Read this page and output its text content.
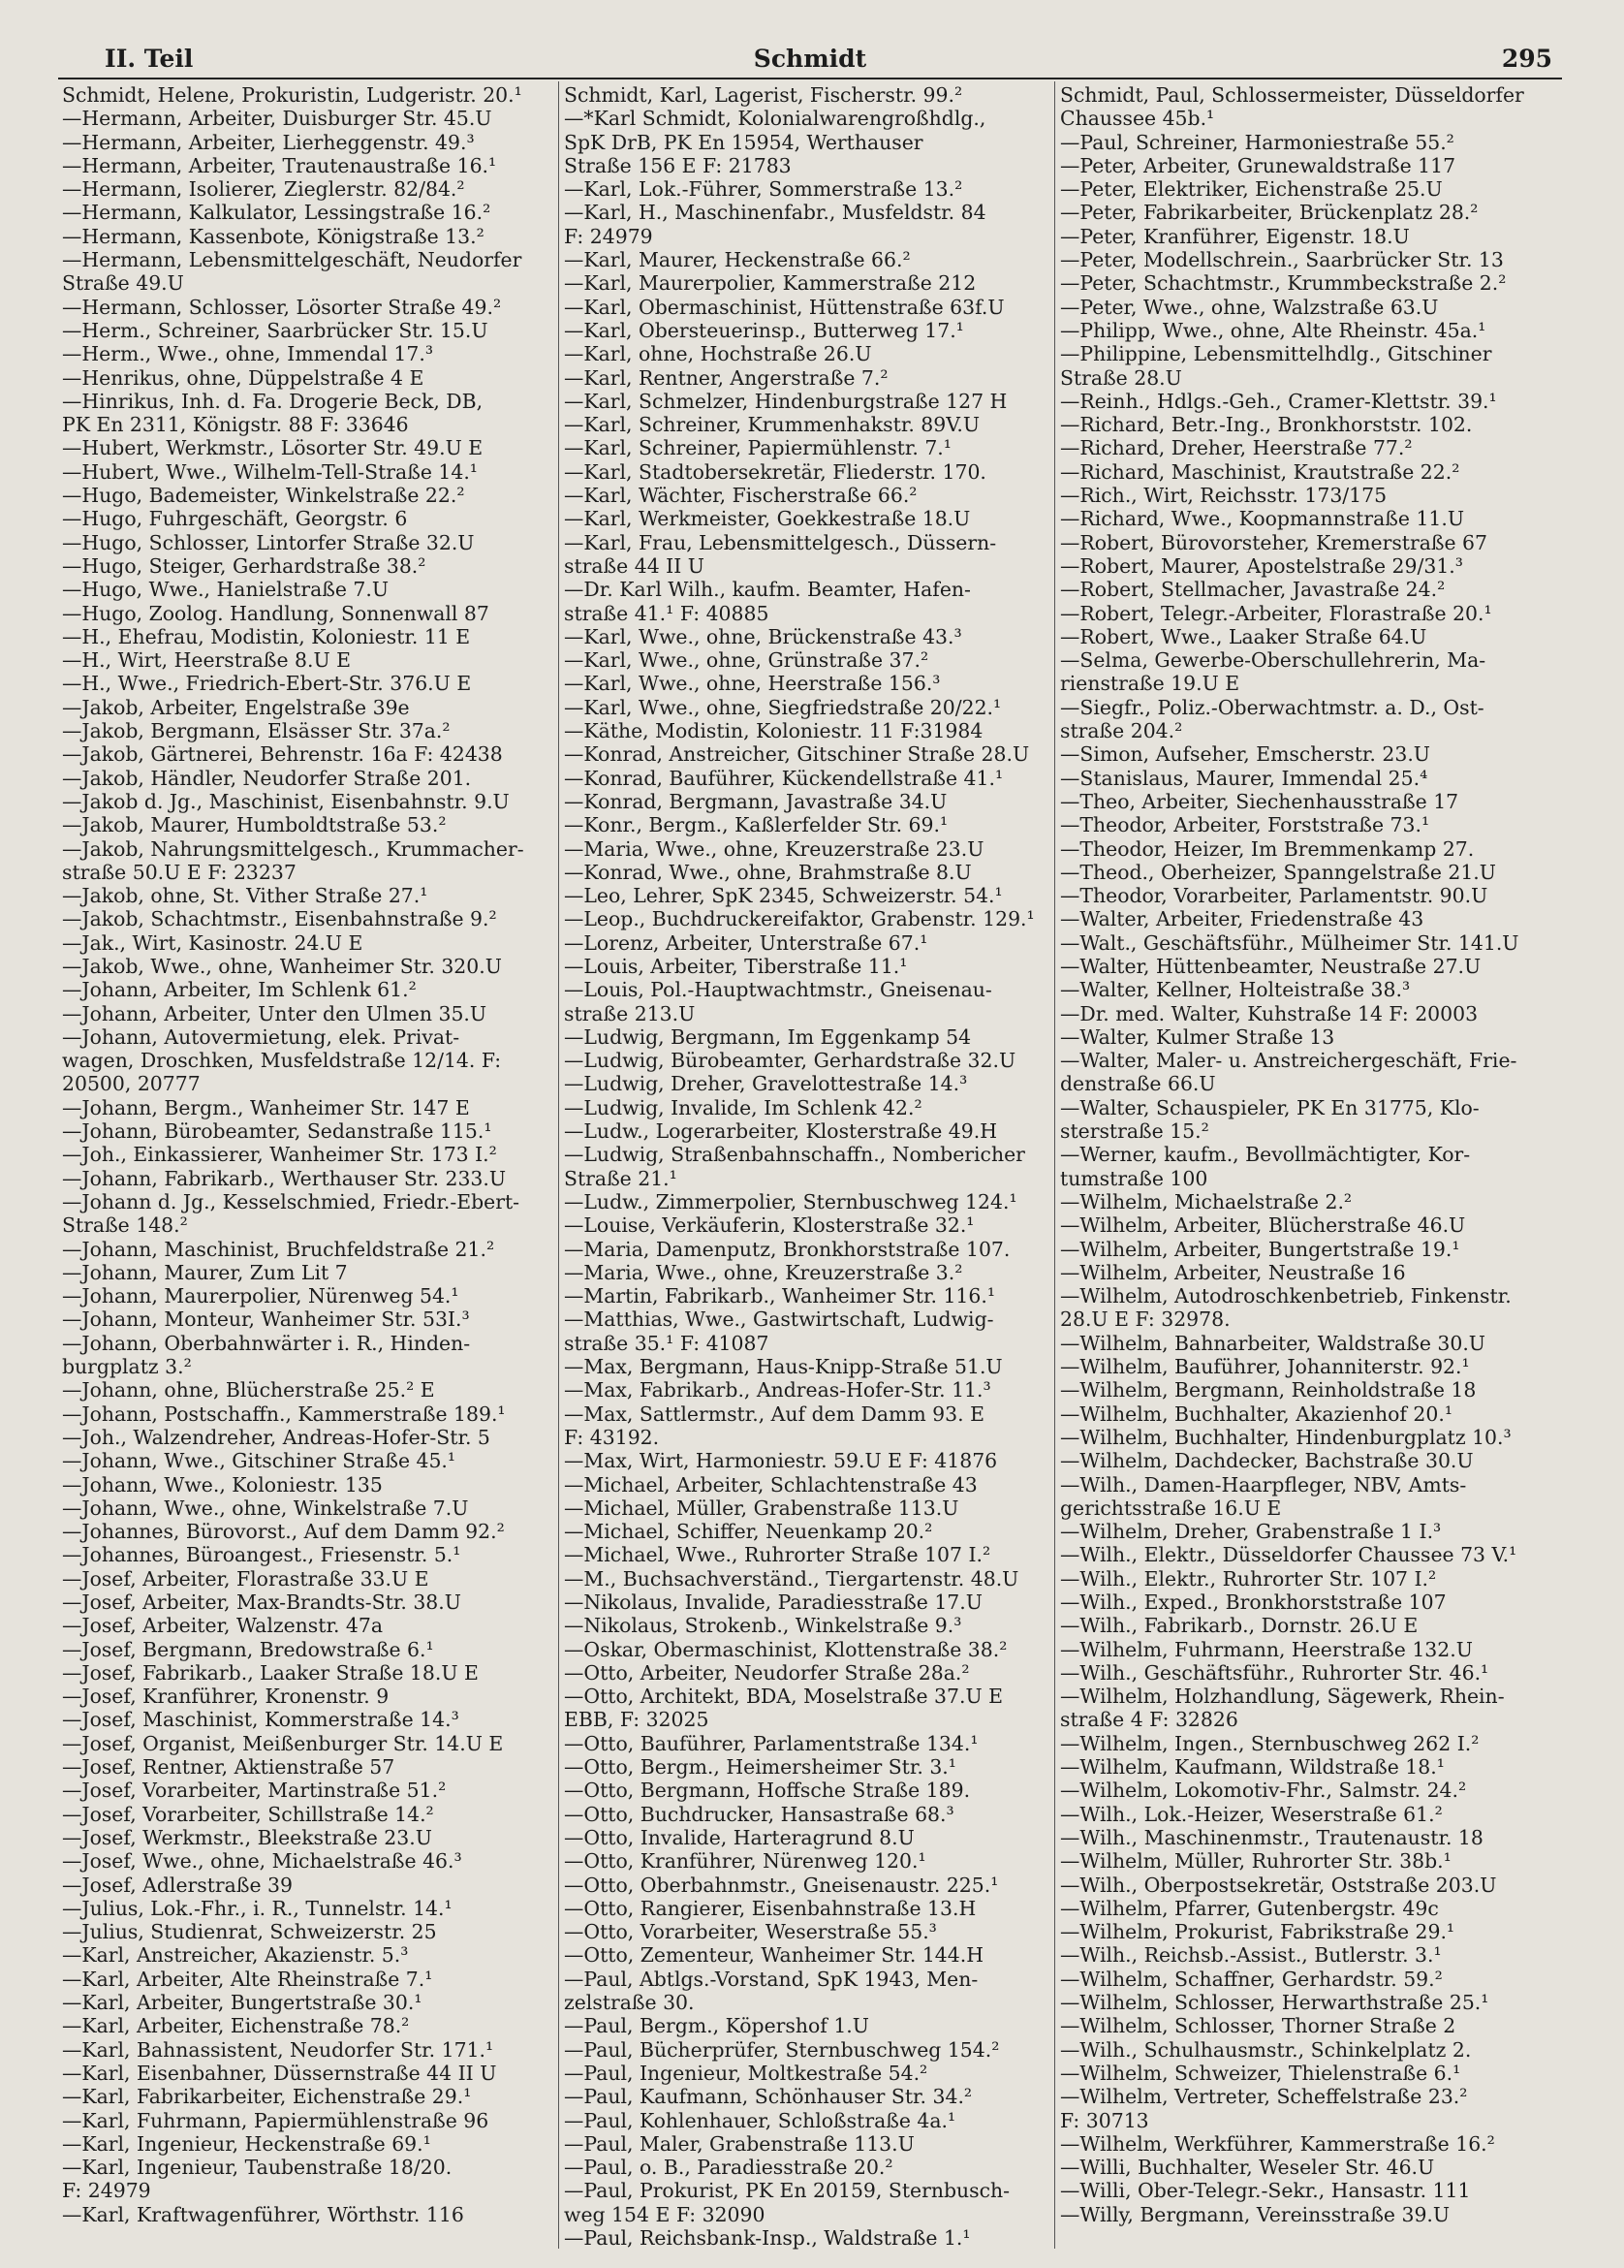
II. Teil	Schmidt	295
Schmidt, Helene, Prokuristin, Ludgeristr. 20.¹
—Hermann, Arbeiter, Duisburger Str. 45.U
—Hermann, Arbeiter, Lierheggenstr. 49.³
—Hermann, Arbeiter, Trautenaustraße 16.¹
—Hermann, Isolierer, Zieglerstr. 82/84.²
—Hermann, Kalkulator, Lessingstraße 16.²
—Hermann, Kassenbote, Königstraße 13.²
—Hermann, Lebensmittelgeschäft, Neudorfer
Straße 49.U
—Hermann, Schlosser, Lösorter Straße 49.²
—Herm., Schreiner, Saarbrücker Str. 15.U
—Herm., Wwe., ohne, Immendal 17.³
—Henrikus, ohne, Düppelstraße 4 E
—Hinrikus, Inh. d. Fa. Drogerie Beck, DB,
PK En 2311, Königstr. 88 F: 33646
—Hubert, Werkmstr., Lösorter Str. 49.U E
—Hubert, Wwe., Wilhelm-Tell-Straße 14.¹
—Hugo, Bademeister, Winkelstraße 22.²
—Hugo, Fuhrgeschäft, Georgstr. 6
—Hugo, Schlosser, Lintorfer Straße 32.U
—Hugo, Steiger, Gerhardstraße 38.²
—Hugo, Wwe., Hanielstraße 7.U
—Hugo, Zoolog. Handlung, Sonnenwall 87
—H., Ehefrau, Modistin, Koloniestr. 11 E
—H., Wirt, Heerstraße 8.U E
—H., Wwe., Friedrich-Ebert-Str. 376.U E
—Jakob, Arbeiter, Engelstraße 39e
—Jakob, Bergmann, Elsässer Str. 37a.²
—Jakob, Gärtnerei, Behrenstr. 16a F: 42438
—Jakob, Händler, Neudorfer Straße 201.
—Jakob d. Jg., Maschinist, Eisenbahnstr. 9.U
—Jakob, Maurer, Humboldtstraße 53.²
—Jakob, Nahrungsmittelgesch., Krummacher-
straße 50.U E F: 23237
—Jakob, ohne, St. Vither Straße 27.¹
—Jakob, Schachtmstr., Eisenbahnstraße 9.²
—Jak., Wirt, Kasinostr. 24.U E
—Jakob, Wwe., ohne, Wanheimer Str. 320.U
—Johann, Arbeiter, Im Schlenk 61.²
—Johann, Arbeiter, Unter den Ulmen 35.U
—Johann, Autovermietung, elek. Privat-
wagen, Droschken, Musfeldstraße 12/14. F:
20500, 20777
—Johann, Bergm., Wanheimer Str. 147 E
—Johann, Bürobeamter, Sedanstraße 115.¹
—Joh., Einkassierer, Wanheimer Str. 173 I.²
—Johann, Fabrikarb., Werthauser Str. 233.U
—Johann d. Jg., Kesselschmied, Friedr.-Ebert-
Straße 148.²
—Johann, Maschinist, Bruchfeldstraße 21.²
—Johann, Maurer, Zum Lit 7
—Johann, Maurerpolier, Nürenweg 54.¹
—Johann, Monteur, Wanheimer Str. 53I.³
—Johann, Oberbahnwärter i. R., Hinden-
burgplatz 3.²
—Johann, ohne, Blücherstraße 25.² E
—Johann, Postschaffn., Kammerstraße 189.¹
—Joh., Walzendreher, Andreas-Hofer-Str. 5
—Johann, Wwe., Gitschiner Straße 45.¹
—Johann, Wwe., Koloniestr. 135
—Johann, Wwe., ohne, Winkelstraße 7.U
—Johannes, Bürovorst., Auf dem Damm 92.²
—Johannes, Büroangest., Friesenstr. 5.¹
—Josef, Arbeiter, Florastraße 33.U E
—Josef, Arbeiter, Max-Brandts-Str. 38.U
—Josef, Arbeiter, Walzenstr. 47a
—Josef, Bergmann, Bredowstraße 6.¹
—Josef, Fabrikarb., Laaker Straße 18.U E
—Josef, Kranführer, Kronenstr. 9
—Josef, Maschinist, Kommerstraße 14.³
—Josef, Organist, Meißenburger Str. 14.U E
—Josef, Rentner, Aktienstraße 57
—Josef, Vorarbeiter, Martinstraße 51.²
—Josef, Vorarbeiter, Schillstraße 14.²
—Josef, Werkmstr., Bleekstraße 23.U
—Josef, Wwe., ohne, Michaelstraße 46.³
—Josef, Adlerstraße 39
—Julius, Lok.-Fhr., i. R., Tunnelstr. 14.¹
—Julius, Studienrat, Schweizerstr. 25
—Karl, Anstreicher, Akazienstr. 5.³
—Karl, Arbeiter, Alte Rheinstraße 7.¹
—Karl, Arbeiter, Bungertstraße 30.¹
—Karl, Arbeiter, Eichenstraße 78.²
—Karl, Bahnassistent, Neudorfer Str. 171.¹
—Karl, Eisenbahner, Düssernstraße 44 II U
—Karl, Fabrikarbeiter, Eichenstraße 29.¹
—Karl, Fuhrmann, Papiermühlenstraße 96
—Karl, Ingenieur, Heckenstraße 69.¹
—Karl, Ingenieur, Taubenstraße 18/20.
F: 24979
—Karl, Kraftwagenführer, Wörthstr. 116
Schmidt, Karl, Lagerist, Fischerstr. 99.²
—*Karl Schmidt, Kolonialwarengroßhdlg.,
SpK DrB, PK En 15954, Werthauser
Straße 156 E F: 21783
—Karl, Lok.-Führer, Sommerstraße 13.²
—Karl, H., Maschinenfabr., Musfeldstr. 84
F: 24979
—Karl, Maurer, Heckenstraße 66.²
—Karl, Maurerpolier, Kammerstraße 212
—Karl, Obermaschinist, Hüttenstraße 63f.U
—Karl, Obersteuerinsp., Butterweg 17.¹
—Karl, ohne, Hochstraße 26.U
—Karl, Rentner, Angerstraße 7.²
—Karl, Schmelzer, Hindenburgstraße 127 H
—Karl, Schreiner, Krummenhakstr. 89V.U
—Karl, Schreiner, Papiermühlenstr. 7.¹
—Karl, Stadtobersekretär, Fliederstr. 170.
—Karl, Wächter, Fischerstraße 66.²
—Karl, Werkmeister, Goekkestraße 18.U
—Karl, Frau, Lebensmittelgesch., Düssern-
straße 44 II U
—Dr. Karl Wilh., kaufm. Beamter, Hafen-
straße 41.¹ F: 40885
—Karl, Wwe., ohne, Brückenstraße 43.³
—Karl, Wwe., ohne, Grünstraße 37.²
—Karl, Wwe., ohne, Heerstraße 156.³
—Karl, Wwe., ohne, Siegfriedstraße 20/22.¹
—Käthe, Modistin, Koloniestr. 11 F:31984
—Konrad, Anstreicher, Gitschiner Straße 28.U
—Konrad, Bauführer, Kückendellstraße 41.¹
—Konrad, Bergmann, Javastraße 34.U
—Konr., Bergm., Kaßlerfelder Str. 69.¹
—Maria, Wwe., ohne, Kreuzerstraße 23.U
—Konrad, Wwe., ohne, Brahmstraße 8.U
—Leo, Lehrer, SpK 2345, Schweizerstr. 54.¹
—Leop., Buchdruckereifaktor, Grabenstr. 129.¹
—Lorenz, Arbeiter, Unterstraße 67.¹
—Louis, Arbeiter, Tiberstraße 11.¹
—Louis, Pol.-Hauptwachtmstr., Gneisenau-
straße 213.U
—Ludwig, Bergmann, Im Eggenkamp 54
—Ludwig, Bürobeamter, Gerhardstraße 32.U
—Ludwig, Dreher, Gravelottestraße 14.³
—Ludwig, Invalide, Im Schlenk 42.²
—Ludw., Logerarbeiter, Klosterstraße 49.H
—Ludwig, Straßenbahnschaffn., Nombericher
Straße 21.¹
—Ludw., Zimmerpolier, Sternbuschweg 124.¹
—Louise, Verkäuferin, Klosterstraße 32.¹
—Maria, Damenputz, Bronkhorststraße 107.
—Maria, Wwe., ohne, Kreuzerstraße 3.²
—Martin, Fabrikarb., Wanheimer Str. 116.¹
—Matthias, Wwe., Gastwirtschaft, Ludwig-
straße 35.¹ F: 41087
—Max, Bergmann, Haus-Knipp-Straße 51.U
—Max, Fabrikarb., Andreas-Hofer-Str. 11.³
—Max, Sattlermstr., Auf dem Damm 93. E
F: 43192.
—Max, Wirt, Harmoniestr. 59.U E F: 41876
—Michael, Arbeiter, Schlachtenstraße 43
—Michael, Müller, Grabenstraße 113.U
—Michael, Schiffer, Neuenkamp 20.²
—Michael, Wwe., Ruhrorter Straße 107 I.²
—M., Buchsachverständ., Tiergartenstr. 48.U
—Nikolaus, Invalide, Paradiesstraße 17.U
—Nikolaus, Strokenb., Winkelstraße 9.³
—Oskar, Obermaschinist, Klottenstraße 38.²
—Otto, Arbeiter, Neudorfer Straße 28a.²
—Otto, Architekt, BDA, Moselstraße 37.U E
EBB, F: 32025
—Otto, Bauführer, Parlamentstraße 134.¹
—Otto, Bergm., Heimersheimer Str. 3.¹
—Otto, Bergmann, Hoffsche Straße 189.
—Otto, Buchdrucker, Hansastraße 68.³
—Otto, Invalide, Harteragrund 8.U
—Otto, Kranführer, Nürenweg 120.¹
—Otto, Oberbahnmstr., Gneisenaustr. 225.¹
—Otto, Rangierer, Eisenbahnstraße 13.H
—Otto, Vorarbeiter, Weserstraße 55.³
—Otto, Zementeur, Wanheimer Str. 144.H
—Paul, Abtlgs.-Vorstand, SpK 1943, Men-
zelstraße 30.
—Paul, Bergm., Köpershof 1.U
—Paul, Bücherprüfer, Sternbuschweg 154.²
—Paul, Ingenieur, Moltkestraße 54.²
—Paul, Kaufmann, Schönhauser Str. 34.²
—Paul, Kohlenhauer, Schloßstraße 4a.¹
—Paul, Maler, Grabenstraße 113.U
—Paul, o. B., Paradiesstraße 20.²
—Paul, Prokurist, PK En 20159, Sternbusch-
weg 154 E F: 32090
—Paul, Reichsbank-Insp., Waldstraße 1.¹
Schmidt, Paul, Schlossermeister, Düsseldorfer
Chaussee 45b.¹
—Paul, Schreiner, Harmoniestraße 55.²
—Peter, Arbeiter, Grunewaldstraße 117
—Peter, Elektriker, Eichenstraße 25.U
—Peter, Fabrikarbeiter, Brückenplatz 28.²
—Peter, Kranführer, Eigenstr. 18.U
—Peter, Modellschrein., Saarbrücker Str. 13
—Peter, Schachtmstr., Krummbeckstraße 2.²
—Peter, Wwe., ohne, Walzstraße 63.U
—Philipp, Wwe., ohne, Alte Rheinstr. 45a.¹
—Philippine, Lebensmittelhdlg., Gitschiner
Straße 28.U
—Reinh., Hdlgs.-Geh., Cramer-Klettstr. 39.¹
—Richard, Betr.-Ing., Bronkhorststr. 102.
—Richard, Dreher, Heerstraße 77.²
—Richard, Maschinist, Krautstraße 22.²
—Rich., Wirt, Reichsstr. 173/175
—Richard, Wwe., Koopmannstraße 11.U
—Robert, Bürovorsteher, Kremerstraße 67
—Robert, Maurer, Apostelstraße 29/31.³
—Robert, Stellmacher, Javastraße 24.²
—Robert, Telegr.-Arbeiter, Florastraße 20.¹
—Robert, Wwe., Laaker Straße 64.U
—Selma, Gewerbe-Oberschullehrerin, Ma-
rienstraße 19.U E
—Siegfr., Poliz.-Oberwachtmstr. a. D., Ost-
straße 204.²
—Simon, Aufseher, Emscherstr. 23.U
—Stanislaus, Maurer, Immendal 25.⁴
—Theo, Arbeiter, Siechenhausstraße 17
—Theodor, Arbeiter, Forststraße 73.¹
—Theodor, Heizer, Im Bremmenkamp 27.
—Theod., Oberheizer, Spanngelstraße 21.U
—Theodor, Vorarbeiter, Parlamentstr. 90.U
—Walter, Arbeiter, Friedenstraße 43
—Walt., Geschäftsführ., Mülheimer Str. 141.U
—Walter, Hüttenbeamter, Neustraße 27.U
—Walter, Kellner, Holteistraße 38.³
—Dr. med. Walter, Kuhstraße 14 F: 20003
—Walter, Kulmer Straße 13
—Walter, Maler- u. Anstreichergeschäft, Frie-
denstraße 66.U
—Walter, Schauspieler, PK En 31775, Klo-
sterstraße 15.²
—Werner, kaufm., Bevollmächtigter, Kor-
tumstraße 100
—Wilhelm, Michaelstraße 2.²
—Wilhelm, Arbeiter, Blücherstraße 46.U
—Wilhelm, Arbeiter, Bungertstraße 19.¹
—Wilhelm, Arbeiter, Neustraße 16
—Wilhelm, Autodroschkenbetrieb, Finkenstr.
28.U E F: 32978.
—Wilhelm, Bahnarbeiter, Waldstraße 30.U
—Wilhelm, Bauführer, Johanniterstr. 92.¹
—Wilhelm, Bergmann, Reinholdstraße 18
—Wilhelm, Buchhalter, Akazienhof 20.¹
—Wilhelm, Buchhalter, Hindenburgplatz 10.³
—Wilhelm, Dachdecker, Bachstraße 30.U
—Wilh., Damen-Haarpfleger, NBV, Amts-
gerichtsstraße 16.U E
—Wilhelm, Dreher, Grabenstraße 1 I.³
—Wilh., Elektr., Düsseldorfer Chaussee 73 V.¹
—Wilh., Elektr., Ruhrorter Str. 107 I.²
—Wilh., Exped., Bronkhorststraße 107
—Wilh., Fabrikarb., Dornstr. 26.U E
—Wilhelm, Fuhrmann, Heerstraße 132.U
—Wilh., Geschäftsführ., Ruhrorter Str. 46.¹
—Wilhelm, Holzhandlung, Sägewerk, Rhein-
straße 4 F: 32826
—Wilhelm, Ingen., Sternbuschweg 262 I.²
—Wilhelm, Kaufmann, Wildstraße 18.¹
—Wilhelm, Lokomotiv-Fhr., Salmstr. 24.²
—Wilh., Lok.-Heizer, Weserstraße 61.²
—Wilh., Maschinenmstr., Trautenaustr. 18
—Wilhelm, Müller, Ruhrorter Str. 38b.¹
—Wilh., Oberpostsekretär, Oststraße 203.U
—Wilhelm, Pfarrer, Gutenbergstr. 49c
—Wilhelm, Prokurist, Fabrikstraße 29.¹
—Wilh., Reichsb.-Assist., Butlerstr. 3.¹
—Wilhelm, Schaffner, Gerhardstr. 59.²
—Wilhelm, Schlosser, Herwarthstraße 25.¹
—Wilhelm, Schlosser, Thorner Straße 2
—Wilh., Schulhausmstr., Schinkelplatz 2.
—Wilhelm, Schweizer, Thielenstraße 6.¹
—Wilhelm, Vertreter, Scheffelstraße 23.²
F: 30713
—Wilhelm, Werkführer, Kammerstraße 16.²
—Willi, Buchhalter, Weseler Str. 46.U
—Willi, Ober-Telegr.-Sekr., Hansastr. 111
—Willy, Bergmann, Vereinsstraße 39.U
